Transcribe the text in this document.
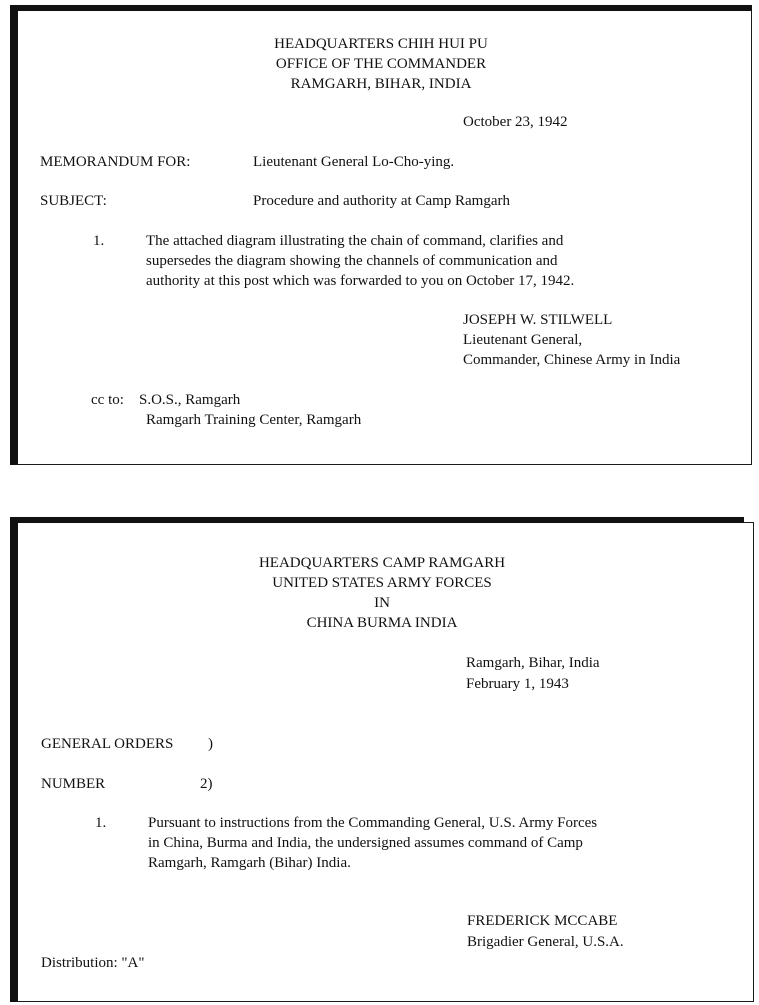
HEADQUARTERS CHIH HUI PU
OFFICE OF THE COMMANDER
RAMGARH, BIHAR, INDIA
October 23, 1942
MEMORANDUM FOR:	Lieutenant General Lo-Cho-ying.
SUBJECT:	Procedure and authority at Camp Ramgarh
1.	The attached diagram illustrating the chain of command, clarifies and
supersedes the diagram showing the channels of communication and
authority at this post which was forwarded to you on October 17, 1942.
JOSEPH W. STILWELL
Lieutenant General,
Commander, Chinese Army in India
cc to: S.O.S., Ramgarh
Ramgarh Training Center, Ramgarh
HEADQUARTERS CAMP RAMGARH
UNITED STATES ARMY FORCES
IN
CHINA BURMA INDIA
Ramgarh, Bihar, India
February 1, 1943
GENERAL ORDERS )
NUMBER	2)
1.	Pursuant to instructions from the Commanding General, U.S. Army Forces
in China, Burma and India, the undersigned assumes command of Camp
Ramgarh, Ramgarh (Bihar) India.
FREDERICK MCCABE
Brigadier General, U.S.A.
Distribution: "A"
